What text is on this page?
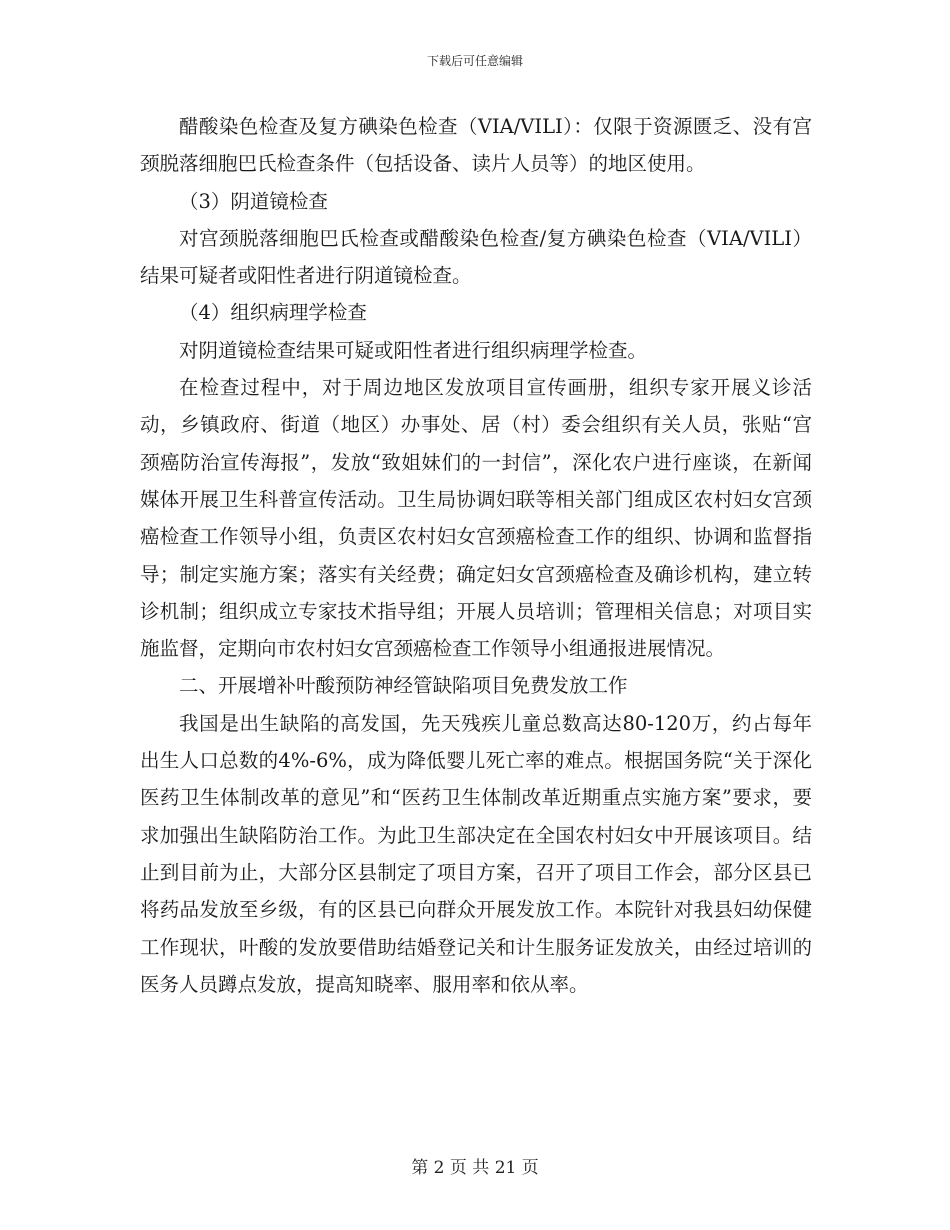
下载后可任意编辑

醋酸染色检查及复方碘染色检查（VIA/VILI）：仅限于资源匮乏、没有宫颈脱落细胞巴氏检查条件（包括设备、读片人员等）的地区使用。

（3）阴道镜检查

对宫颈脱落细胞巴氏检查或醋酸染色检查/复方碘染色检查（VIA/VILI）结果可疑者或阳性者进行阴道镜检查。

（4）组织病理学检查

对阴道镜检查结果可疑或阳性者进行组织病理学检查。

在检查过程中，对于周边地区发放项目宣传画册，组织专家开展义诊活动，乡镇政府、街道（地区）办事处、居（村）委会组织有关人员，张贴“宫颈癌防治宣传海报”，发放“致姐妹们的一封信”，深化农户进行座谈，在新闻媒体开展卫生科普宣传活动。卫生局协调妇联等相关部门组成区农村妇女宫颈癌检查工作领导小组，负责区农村妇女宫颈癌检查工作的组织、协调和监督指导；制定实施方案；落实有关经费；确定妇女宫颈癌检查及确诊机构，建立转诊机制；组织成立专家技术指导组；开展人员培训；管理相关信息；对项目实施监督，定期向市农村妇女宫颈癌检查工作领导小组通报进展情况。

二、开展增补叶酸预防神经管缺陷项目免费发放工作

我国是出生缺陷的高发国，先天残疾儿童总数高达80-120万，约占每年出生人口总数的4%-6%，成为降低婴儿死亡率的难点。根据国务院“关于深化医药卫生体制改革的意见”和“医药卫生体制改革近期重点实施方案”要求，要求加强出生缺陷防治工作。为此卫生部决定在全国农村妇女中开展该项目。结止到目前为止，大部分区县制定了项目方案，召开了项目工作会，部分区县已将药品发放至乡级，有的区县已向群众开展发放工作。本院针对我县妇幼保健工作现状，叶酸的发放要借助结婚登记关和计生服务证发放关，由经过培训的医务人员蹲点发放，提高知晓率、服用率和依从率。

第 2 页 共 21 页
